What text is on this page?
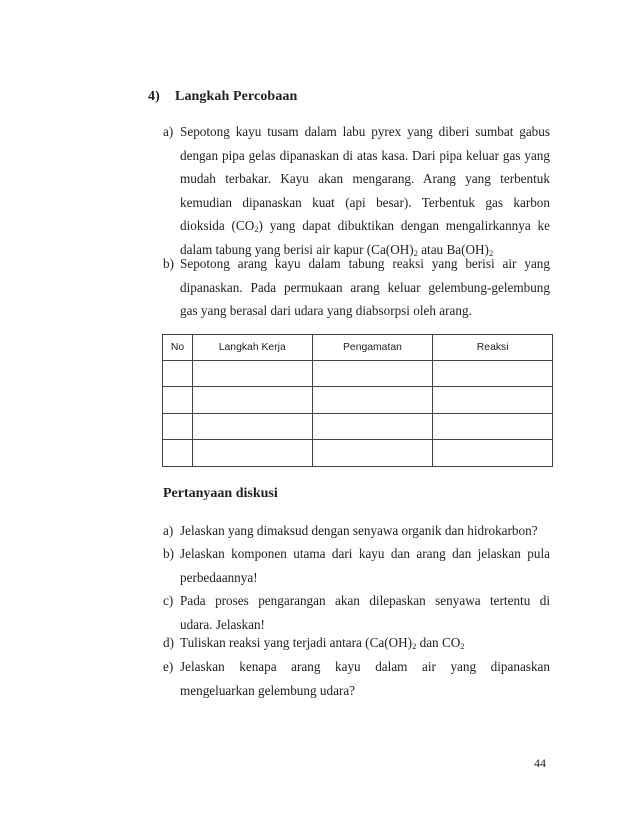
4) Langkah Percobaan
a) Sepotong kayu tusam dalam labu pyrex yang diberi sumbat gabus
dengan pipa gelas dipanaskan di atas kasa. Dari pipa keluar gas yang
mudah terbakar. Kayu akan mengarang. Arang yang terbentuk
kemudian dipanaskan kuat (api besar). Terbentuk gas karbon
dioksida $(CO_2)$ yang dapat dibuktikan dengan mengalirkannya ke
dalam tabung yang berisi air kapur ($Ca(OH)_2$ atau $Ba(OH)_2$
b) Sepotong arang kayu dalam tabung reaksi yang berisi air yang
dipanaskan. Pada permukaan arang keluar gelembung-gelembung
gas yang berasal dari udara yang diabsorpsi oleh arang.
No	Langkah Kerja	Pengamatan	Reaksi

Pertanyaan diskusi
a) Jelaskan yang dimaksud dengan senyawa organik dan hidrokarbon?
b) Jelaskan komponen utama dari kayu dan arang dan jelaskan pula
perbedaannya!
c) Pada proses pengarangan akan dilepaskan senyawa tertentu di
udara. Jelaskan!
d) Tuliskan reaksi yang terjadi antara ($Ca(OH)_2$ dan $CO_2$
e) Jelaskan kenapa arang kayu dalam air yang dipanaskan
mengeluarkan gelembung udara?
44
